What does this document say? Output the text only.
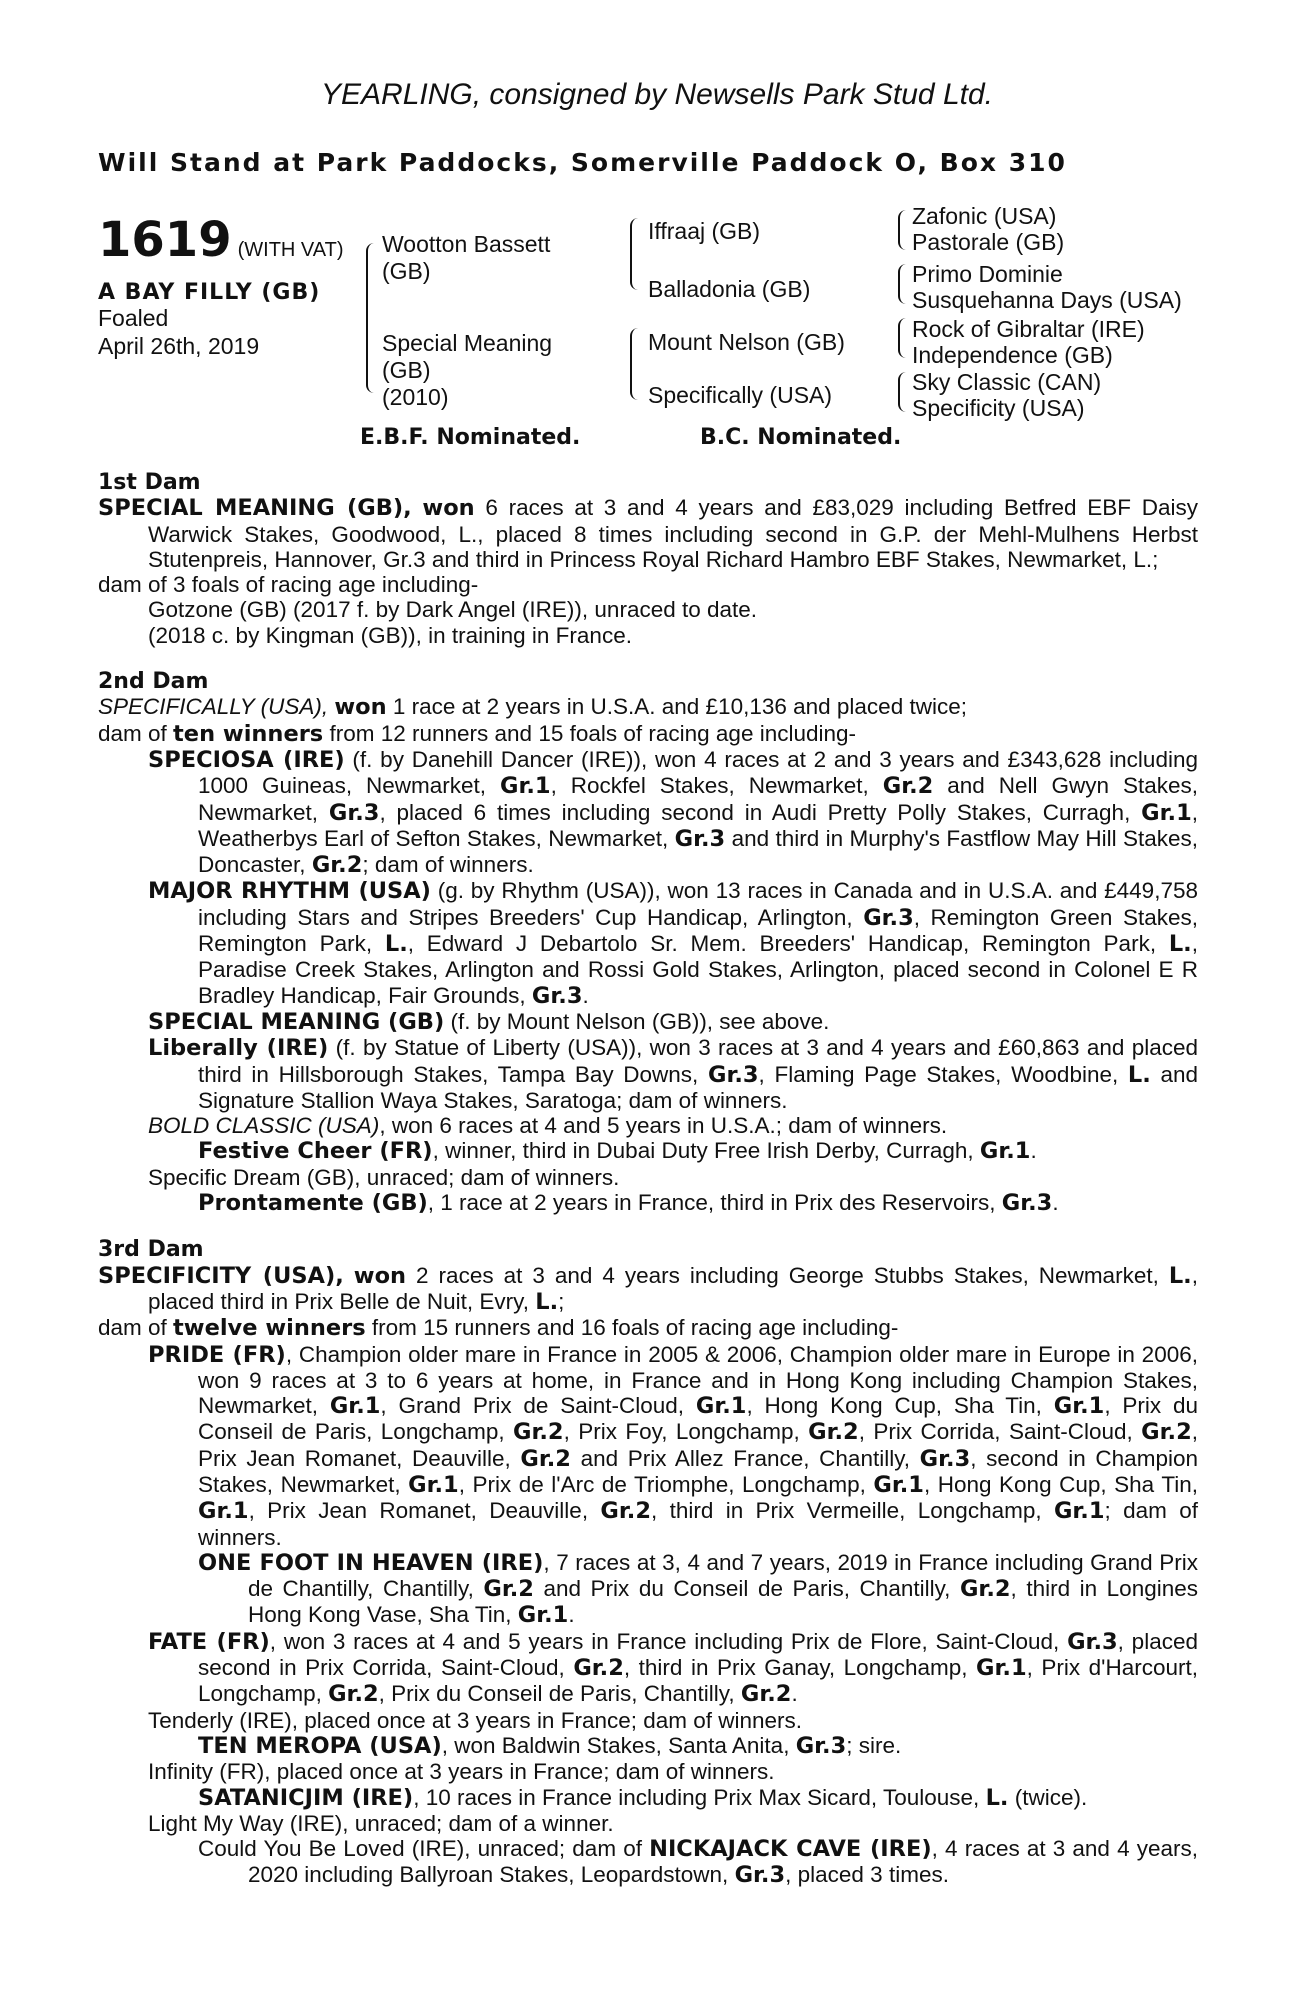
YEARLING, consigned by Newsells Park Stud Ltd.
Will Stand at Park Paddocks, Somerville Paddock O, Box 310
1619 (WITH VAT)
A BAY FILLY (GB)
Foaled
April 26th, 2019
Wootton Bassett
(GB)
Special Meaning
(GB)
(2010)
Iffraaj (GB)
Balladonia (GB)
Mount Nelson (GB)
Specifically (USA)
Zafonic (USA)
Pastorale (GB)
Primo Dominie
Susquehanna Days (USA)
Rock of Gibraltar (IRE)
Independence (GB)
Sky Classic (CAN)
Specificity (USA)
E.B.F. Nominated.	B.C. Nominated.
1st Dam

SPECIAL MEANING (GB), won 6 races at 3 and 4 years and £83,029 including Betfred EBF Daisy Warwick Stakes, Goodwood, L., placed 8 times including second in G.P. der Mehl-Mulhens Herbst Stutenpreis, Hannover, Gr.3 and third in Princess Royal Richard Hambro EBF Stakes, Newmarket, L.;

dam of 3 foals of racing age including-

Gotzone (GB) (2017 f. by Dark Angel (IRE)), unraced to date.

(2018 c. by Kingman (GB)), in training in France.

2nd Dam

SPECIFICALLY (USA), won 1 race at 2 years in U.S.A. and £10,136 and placed twice;

dam of ten winners from 12 runners and 15 foals of racing age including-

SPECIOSA (IRE) (f. by Danehill Dancer (IRE)), won 4 races at 2 and 3 years and £343,628 including 1000 Guineas, Newmarket, Gr.1, Rockfel Stakes, Newmarket, Gr.2 and Nell Gwyn Stakes, Newmarket, Gr.3, placed 6 times including second in Audi Pretty Polly Stakes, Curragh, Gr.1, Weatherbys Earl of Sefton Stakes, Newmarket, Gr.3 and third in Murphy's Fastflow May Hill Stakes, Doncaster, Gr.2; dam of winners.

MAJOR RHYTHM (USA) (g. by Rhythm (USA)), won 13 races in Canada and in U.S.A. and £449,758 including Stars and Stripes Breeders' Cup Handicap, Arlington, Gr.3, Remington Green Stakes, Remington Park, L., Edward J Debartolo Sr. Mem. Breeders' Handicap, Remington Park, L., Paradise Creek Stakes, Arlington and Rossi Gold Stakes, Arlington, placed second in Colonel E R Bradley Handicap, Fair Grounds, Gr.3.

SPECIAL MEANING (GB) (f. by Mount Nelson (GB)), see above.

Liberally (IRE) (f. by Statue of Liberty (USA)), won 3 races at 3 and 4 years and £60,863 and placed third in Hillsborough Stakes, Tampa Bay Downs, Gr.3, Flaming Page Stakes, Woodbine, L. and Signature Stallion Waya Stakes, Saratoga; dam of winners.

BOLD CLASSIC (USA), won 6 races at 4 and 5 years in U.S.A.; dam of winners.

Festive Cheer (FR), winner, third in Dubai Duty Free Irish Derby, Curragh, Gr.1.

Specific Dream (GB), unraced; dam of winners.

Prontamente (GB), 1 race at 2 years in France, third in Prix des Reservoirs, Gr.3.

3rd Dam

SPECIFICITY (USA), won 2 races at 3 and 4 years including George Stubbs Stakes, Newmarket, L., placed third in Prix Belle de Nuit, Evry, L.;

dam of twelve winners from 15 runners and 16 foals of racing age including-

PRIDE (FR), Champion older mare in France in 2005 & 2006, Champion older mare in Europe in 2006, won 9 races at 3 to 6 years at home, in France and in Hong Kong including Champion Stakes, Newmarket, Gr.1, Grand Prix de Saint-Cloud, Gr.1, Hong Kong Cup, Sha Tin, Gr.1, Prix du Conseil de Paris, Longchamp, Gr.2, Prix Foy, Longchamp, Gr.2, Prix Corrida, Saint-Cloud, Gr.2, Prix Jean Romanet, Deauville, Gr.2 and Prix Allez France, Chantilly, Gr.3, second in Champion Stakes, Newmarket, Gr.1, Prix de l'Arc de Triomphe, Longchamp, Gr.1, Hong Kong Cup, Sha Tin, Gr.1, Prix Jean Romanet, Deauville, Gr.2, third in Prix Vermeille, Longchamp, Gr.1; dam of winners.

ONE FOOT IN HEAVEN (IRE), 7 races at 3, 4 and 7 years, 2019 in France including Grand Prix de Chantilly, Chantilly, Gr.2 and Prix du Conseil de Paris, Chantilly, Gr.2, third in Longines Hong Kong Vase, Sha Tin, Gr.1.

FATE (FR), won 3 races at 4 and 5 years in France including Prix de Flore, Saint-Cloud, Gr.3, placed second in Prix Corrida, Saint-Cloud, Gr.2, third in Prix Ganay, Longchamp, Gr.1, Prix d'Harcourt, Longchamp, Gr.2, Prix du Conseil de Paris, Chantilly, Gr.2.

Tenderly (IRE), placed once at 3 years in France; dam of winners.

TEN MEROPA (USA), won Baldwin Stakes, Santa Anita, Gr.3; sire.

Infinity (FR), placed once at 3 years in France; dam of winners.

SATANICJIM (IRE), 10 races in France including Prix Max Sicard, Toulouse, L. (twice).

Light My Way (IRE), unraced; dam of a winner.

Could You Be Loved (IRE), unraced; dam of NICKAJACK CAVE (IRE), 4 races at 3 and 4 years, 2020 including Ballyroan Stakes, Leopardstown, Gr.3, placed 3 times.
